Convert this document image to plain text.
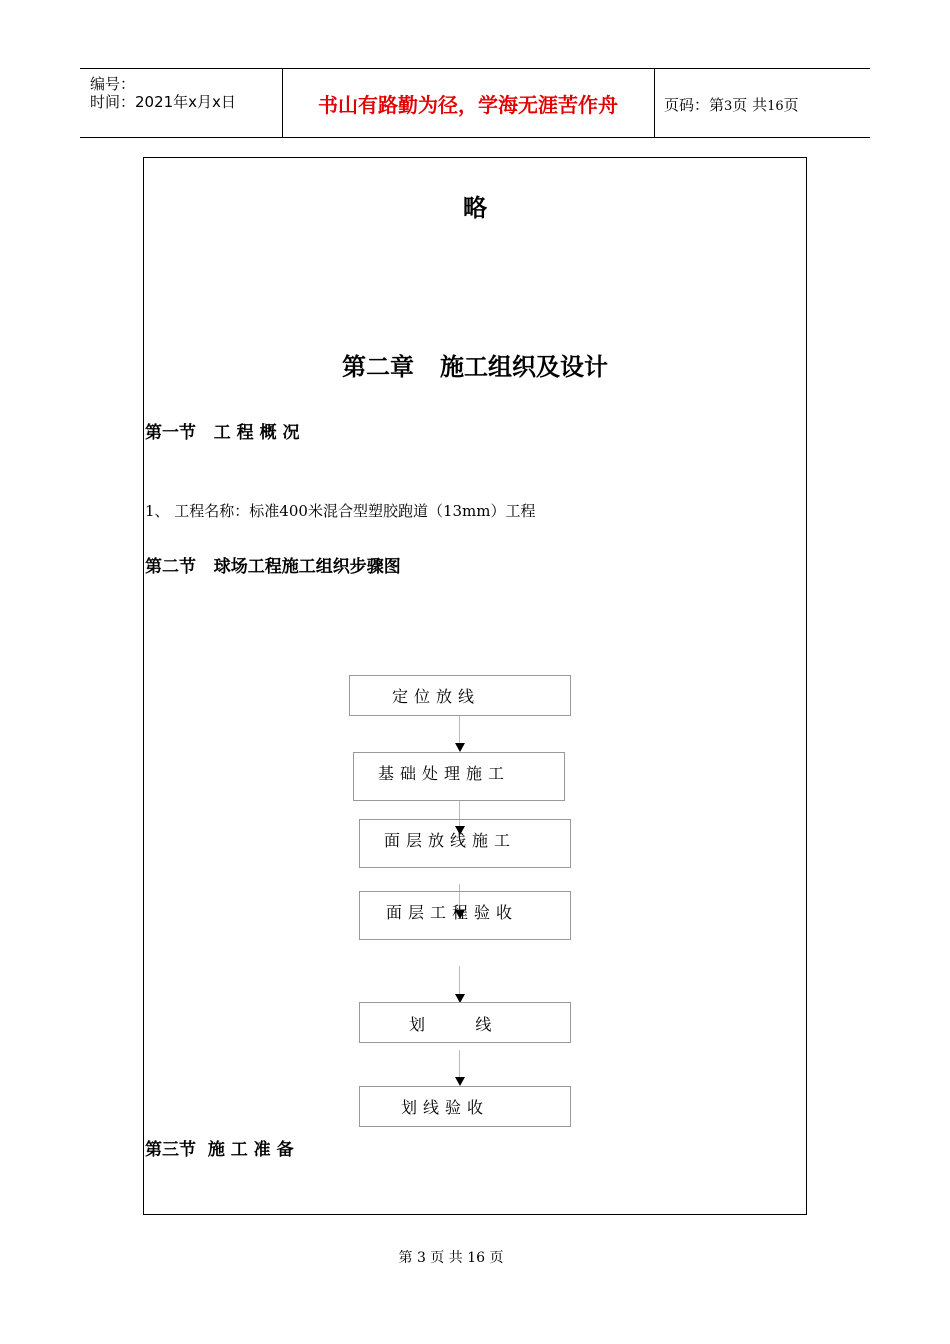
编号：
时间：2021年x月x日	书山有路勤为径，学海无涯苦作舟	页码：第3页 共16页
略
第二章 施工组织及设计
第一节   工 程 概 况
1、 工程名称：标准400米混合型塑胶跑道（13mm）工程
第二节   球场工程施工组织步骤图

定位放线

基础处理施工

面层放线施工

面层工程验收

划    线

划线验收

第三节  施 工 准 备
第 3 页 共 16 页
